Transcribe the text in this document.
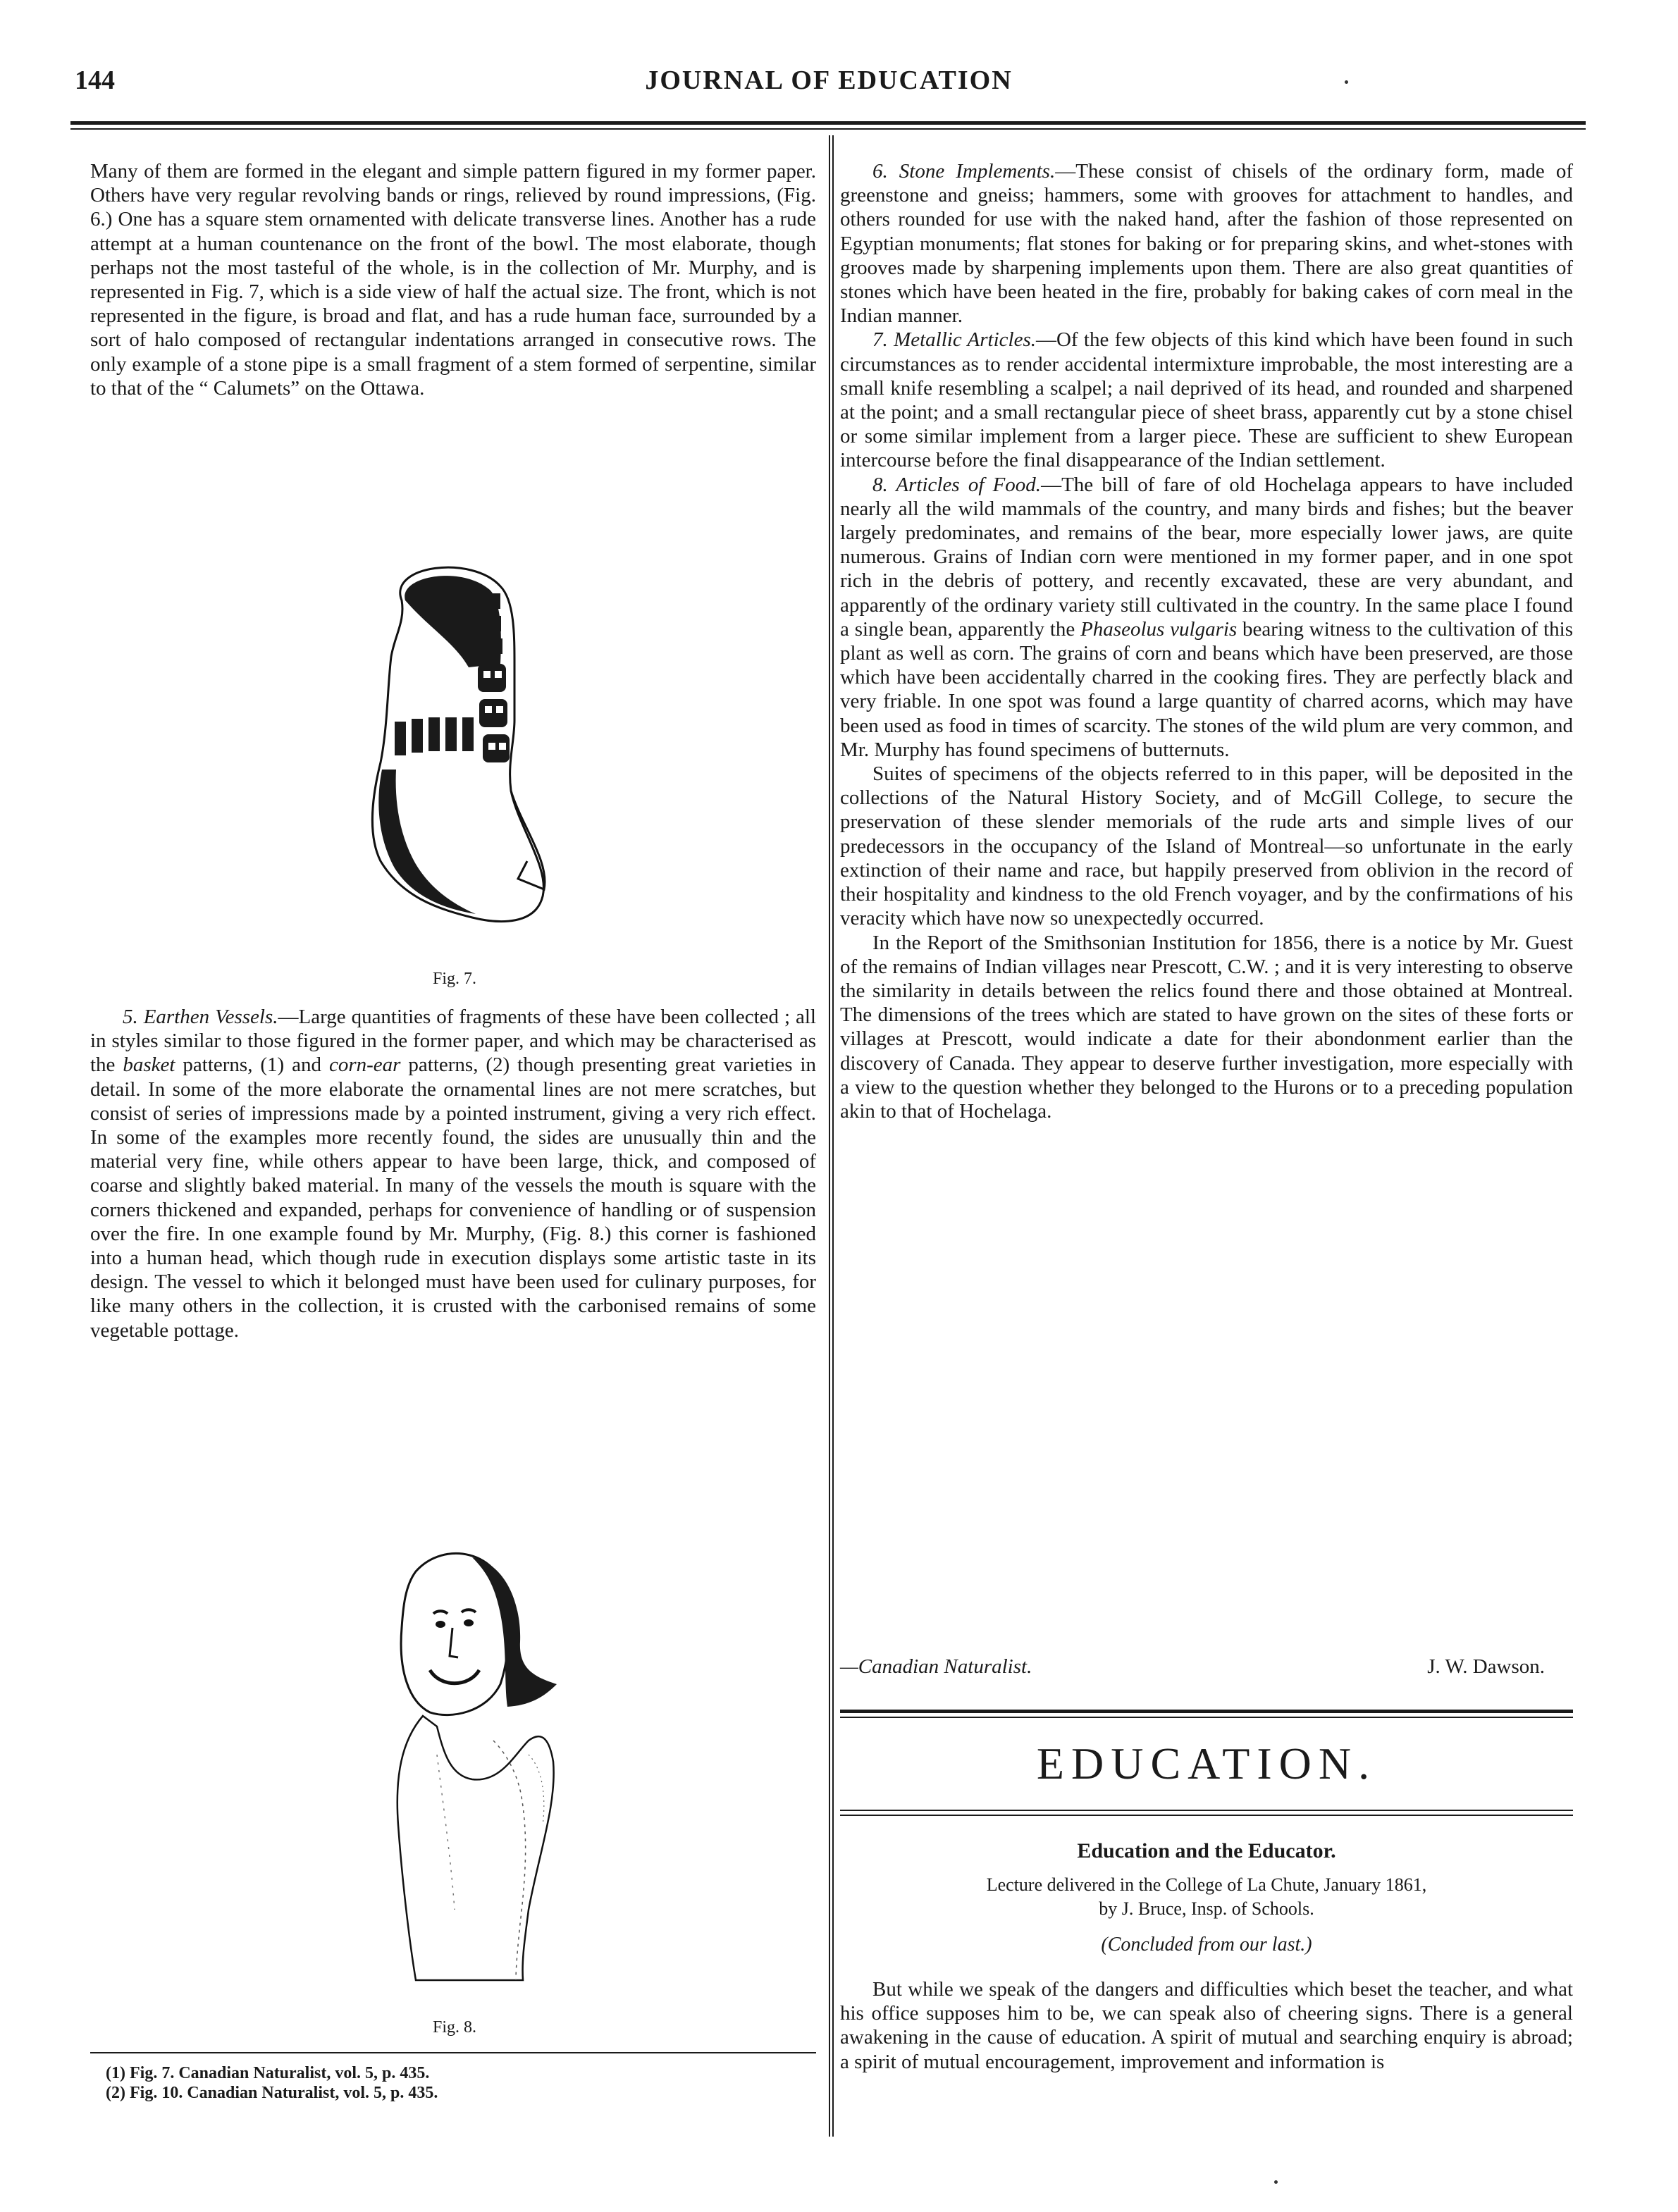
144	JOURNAL OF EDUCATION

Many of them are formed in the elegant and simple pattern figured in my former paper. Others have very regular revolving bands or rings, relieved by round impressions, (Fig. 6.) One has a square stem ornamented with delicate transverse lines. Another has a rude attempt at a human countenance on the front of the bowl. The most elaborate, though perhaps not the most tasteful of the whole, is in the collection of Mr. Murphy, and is represented in Fig. 7, which is a side view of half the actual size. The front, which is not represented in the figure, is broad and flat, and has a rude human face, surrounded by a sort of halo composed of rectangular indentations arranged in consecutive rows. The only example of a stone pipe is a small fragment of a stem formed of serpentine, similar to that of the “ Calumets” on the Ottawa.

Fig. 7.

5. Earthen Vessels.—Large quantities of fragments of these have been collected ; all in styles similar to those figured in the former paper, and which may be characterised as the basket patterns, (1) and corn-ear patterns, (2) though presenting great varieties in detail. In some of the more elaborate the ornamental lines are not mere scratches, but consist of series of impressions made by a pointed instrument, giving a very rich effect. In some of the examples more recently found, the sides are unusually thin and the material very fine, while others appear to have been large, thick, and composed of coarse and slightly baked material. In many of the vessels the mouth is square with the corners thickened and expanded, perhaps for convenience of handling or of suspension over the fire. In one example found by Mr. Murphy, (Fig. 8.) this corner is fashioned into a human head, which though rude in execution displays some artistic taste in its design. The vessel to which it belonged must have been used for culinary purposes, for like many others in the collection, it is crusted with the carbonised remains of some vegetable pottage.

Fig. 8.
(1) Fig. 7. Canadian Naturalist, vol. 5, p. 435.
(2) Fig. 10. Canadian Naturalist, vol. 5, p. 435.

6. Stone Implements.—These consist of chisels of the ordinary form, made of greenstone and gneiss; hammers, some with grooves for attachment to handles, and others rounded for use with the naked hand, after the fashion of those represented on Egyptian monuments; flat stones for baking or for preparing skins, and whet-stones with grooves made by sharpening implements upon them. There are also great quantities of stones which have been heated in the fire, probably for baking cakes of corn meal in the Indian manner.

7. Metallic Articles.—Of the few objects of this kind which have been found in such circumstances as to render accidental intermixture improbable, the most interesting are a small knife resembling a scalpel; a nail deprived of its head, and rounded and sharpened at the point; and a small rectangular piece of sheet brass, apparently cut by a stone chisel or some similar implement from a larger piece. These are sufficient to shew European intercourse before the final disappearance of the Indian settlement.

8. Articles of Food.—The bill of fare of old Hochelaga appears to have included nearly all the wild mammals of the country, and many birds and fishes; but the beaver largely predominates, and remains of the bear, more especially lower jaws, are quite numerous. Grains of Indian corn were mentioned in my former paper, and in one spot rich in the debris of pottery, and recently excavated, these are very abundant, and apparently of the ordinary variety still cultivated in the country. In the same place I found a single bean, apparently the Phaseolus vulgaris bearing witness to the cultivation of this plant as well as corn. The grains of corn and beans which have been preserved, are those which have been accidentally charred in the cooking fires. They are perfectly black and very friable. In one spot was found a large quantity of charred acorns, which may have been used as food in times of scarcity. The stones of the wild plum are very common, and Mr. Murphy has found specimens of butternuts.

Suites of specimens of the objects referred to in this paper, will be deposited in the collections of the Natural History Society, and of McGill College, to secure the preservation of these slender memorials of the rude arts and simple lives of our predecessors in the occupancy of the Island of Montreal—so unfortunate in the early extinction of their name and race, but happily preserved from oblivion in the record of their hospitality and kindness to the old French voyager, and by the confirmations of his veracity which have now so unexpectedly occurred.

In the Report of the Smithsonian Institution for 1856, there is a notice by Mr. Guest of the remains of Indian villages near Prescott, C.W. ; and it is very interesting to observe the similarity in details between the relics found there and those obtained at Montreal. The dimensions of the trees which are stated to have grown on the sites of these forts or villages at Prescott, would indicate a date for their abondonment earlier than the discovery of Canada. They appear to deserve further investigation, more especially with a view to the question whether they belonged to the Hurons or to a preceding population akin to that of Hochelaga.

—Canadian Naturalist.	J. W. Dawson.
EDUCATION.
Education and the Educator.
Lecture delivered in the College of La Chute, January 1861,
by J. Bruce, Insp. of Schools.
(Concluded from our last.)

But while we speak of the dangers and difficulties which beset the teacher, and what his office supposes him to be, we can speak also of cheering signs. There is a general awakening in the cause of education. A spirit of mutual and searching enquiry is abroad; a spirit of mutual encouragement, improvement and information is
